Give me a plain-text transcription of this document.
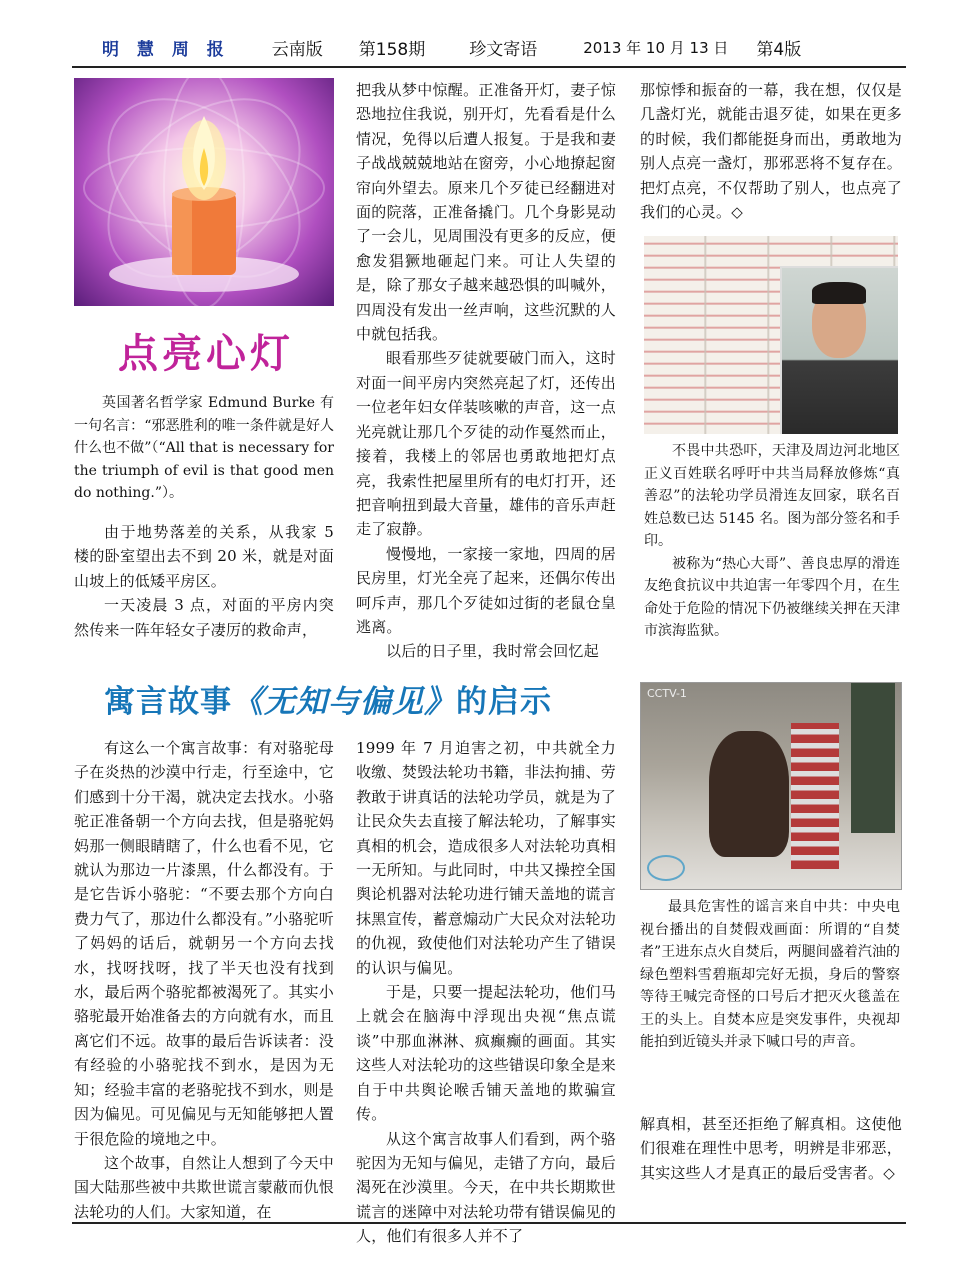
明 慧 周 报 云南版 第158期	珍文寄语	2013 年 10 月 13 日 第4版
点亮心灯

英国著名哲学家 Edmund Burke 有一句名言：“邪恶胜利的唯一条件就是好人什么也不做”（“All that is necessary for the triumph of evil is that good men do nothing.”）。

由于地势落差的关系，从我家 5 楼的卧室望出去不到 20 米，就是对面山坡上的低矮平房区。

一天凌晨 3 点，对面的平房内突然传来一阵年轻女子凄厉的救命声，

把我从梦中惊醒。正准备开灯，妻子惊恐地拉住我说，别开灯，先看看是什么情况，免得以后遭人报复。于是我和妻子战战兢兢地站在窗旁，小心地撩起窗帘向外望去。原来几个歹徒已经翻进对面的院落，正准备撬门。几个身影晃动了一会儿，见周围没有更多的反应，便愈发猖獗地砸起门来。可让人失望的是，除了那女子越来越恐惧的叫喊外，四周没有发出一丝声响，这些沉默的人中就包括我。

眼看那些歹徒就要破门而入，这时对面一间平房内突然亮起了灯，还传出一位老年妇女佯装咳嗽的声音，这一点光亮就让那几个歹徒的动作戛然而止，接着，我楼上的邻居也勇敢地把灯点亮，我索性把屋里所有的电灯打开，还把音响扭到最大音量，雄伟的音乐声赶走了寂静。

慢慢地，一家接一家地，四周的居民房里，灯光全亮了起来，还偶尔传出呵斥声，那几个歹徒如过街的老鼠仓皇逃离。

以后的日子里，我时常会回忆起

那惊悸和振奋的一幕，我在想，仅仅是几盏灯光，就能击退歹徒，如果在更多的时候，我们都能挺身而出，勇敢地为别人点亮一盏灯，那邪恶将不复存在。把灯点亮，不仅帮助了别人，也点亮了我们的心灵。◇

不畏中共恐吓，天津及周边河北地区正义百姓联名呼吁中共当局释放修炼“真善忍”的法轮功学员滑连友回家，联名百姓总数已达 5145 名。图为部分签名和手印。

被称为“热心大哥”、善良忠厚的滑连友绝食抗议中共迫害一年零四个月，在生命处于危险的情况下仍被继续关押在天津市滨海监狱。

寓言故事《无知与偏见》的启示

有这么一个寓言故事：有对骆驼母子在炎热的沙漠中行走，行至途中，它们感到十分干渴，就决定去找水。小骆驼正准备朝一个方向去找，但是骆驼妈妈那一侧眼睛瞎了，什么也看不见，它就认为那边一片漆黑，什么都没有。于是它告诉小骆驼：“不要去那个方向白费力气了，那边什么都没有。”小骆驼听了妈妈的话后，就朝另一个方向去找水，找呀找呀，找了半天也没有找到水，最后两个骆驼都被渴死了。其实小骆驼最开始准备去的方向就有水，而且离它们不远。故事的最后告诉读者：没有经验的小骆驼找不到水，是因为无知；经验丰富的老骆驼找不到水，则是因为偏见。可见偏见与无知能够把人置于很危险的境地之中。

这个故事，自然让人想到了今天中国大陆那些被中共欺世谎言蒙蔽而仇恨法轮功的人们。大家知道，在

1999 年 7 月迫害之初，中共就全力收缴、焚毁法轮功书籍，非法拘捕、劳教敢于讲真话的法轮功学员，就是为了让民众失去直接了解法轮功，了解事实真相的机会，造成很多人对法轮功真相一无所知。与此同时，中共又操控全国舆论机器对法轮功进行铺天盖地的谎言抹黑宣传，蓄意煽动广大民众对法轮功的仇视，致使他们对法轮功产生了错误的认识与偏见。

于是，只要一提起法轮功，他们马上就会在脑海中浮现出央视“焦点谎谈”中那血淋淋、疯癫癫的画面。其实这些人对法轮功的这些错误印象全是来自于中共舆论喉舌铺天盖地的欺骗宣传。

从这个寓言故事人们看到，两个骆驼因为无知与偏见，走错了方向，最后渴死在沙漠里。今天，在中共长期欺世谎言的迷障中对法轮功带有错误偏见的人，他们有很多人并不了

CCTV-1

最具危害性的谣言来自中共：中央电视台播出的自焚假戏画面：所谓的“自焚者”王进东点火自焚后，两腿间盛着汽油的绿色塑料雪碧瓶却完好无损，身后的警察等待王喊完奇怪的口号后才把灭火毯盖在王的头上。自焚本应是突发事件，央视却能拍到近镜头并录下喊口号的声音。

解真相，甚至还拒绝了解真相。这使他们很难在理性中思考，明辨是非邪恶，其实这些人才是真正的最后受害者。◇
